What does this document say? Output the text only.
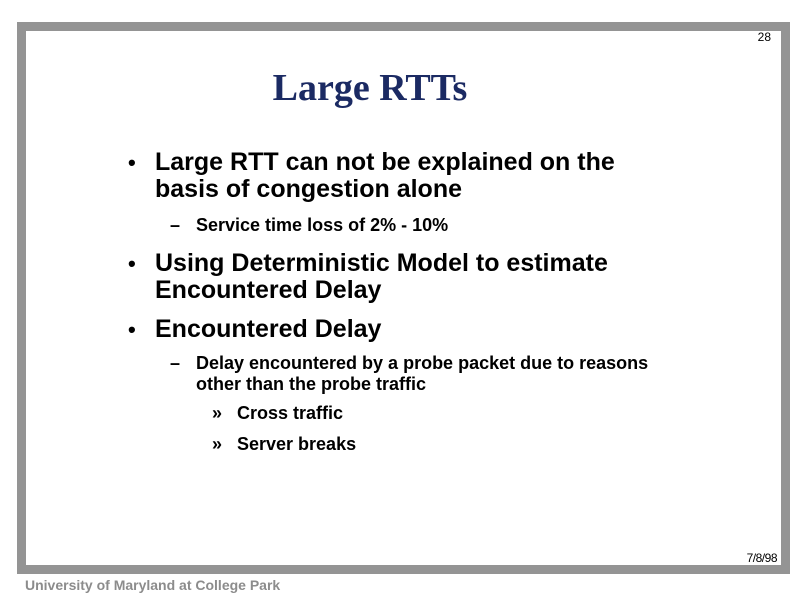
28
Large RTTs
• Large RTT can not be explained on the
basis of congestion alone
– Service time loss of 2% - 10%
• Using Deterministic Model to estimate
Encountered Delay
• Encountered Delay
– Delay encountered by a probe packet due to reasons
other than the probe traffic
» Cross traffic
» Server breaks
7/8/98
University of Maryland at College Park
